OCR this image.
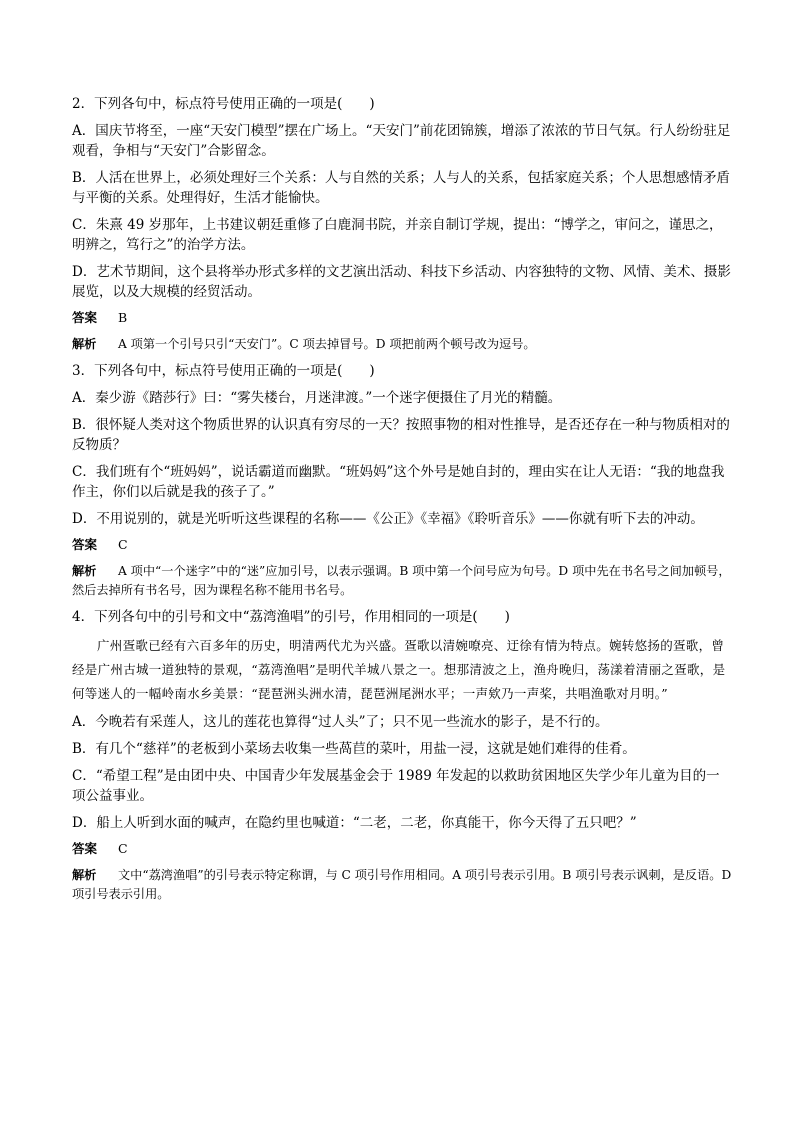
2．下列各句中，标点符号使用正确的一项是(　　)
A．国庆节将至，一座“天安门模型”摆在广场上。“天安门”前花团锦簇，增添了浓浓的节日气氛。行人纷纷驻足观看，争相与“天安门”合影留念。
B．人活在世界上，必须处理好三个关系：人与自然的关系；人与人的关系，包括家庭关系；个人思想感情矛盾与平衡的关系。处理得好，生活才能愉快。
C．朱熹 49 岁那年，上书建议朝廷重修了白鹿洞书院，并亲自制订学规，提出：“博学之，审问之，谨思之，明辨之，笃行之”的治学方法。
D．艺术节期间，这个县将举办形式多样的文艺演出活动、科技下乡活动、内容独特的文物、风情、美术、摄影展览，以及大规模的经贸活动。
答案 B
解析 A 项第一个引号只引“天安门”。C 项去掉冒号。D 项把前两个顿号改为逗号。
3．下列各句中，标点符号使用正确的一项是(　　)
A．秦少游《踏莎行》曰：“雾失楼台，月迷津渡。”一个迷字便摄住了月光的精髓。
B．很怀疑人类对这个物质世界的认识真有穷尽的一天？按照事物的相对性推导，是否还存在一种与物质相对的反物质？
C．我们班有个“班妈妈”，说话霸道而幽默。“班妈妈”这个外号是她自封的，理由实在让人无语：“我的地盘我作主，你们以后就是我的孩子了。”
D．不用说别的，就是光听听这些课程的名称——《公正》《幸福》《聆听音乐》——你就有听下去的冲动。
答案 C
解析 A 项中“一个迷字”中的“迷”应加引号，以表示强调。B 项中第一个问号应为句号。D 项中先在书名号之间加顿号，然后去掉所有书名号，因为课程名称不能用书名号。
4．下列各句中的引号和文中“荔湾渔唱”的引号，作用相同的一项是(　　)
广州疍歌已经有六百多年的历史，明清两代尤为兴盛。疍歌以清婉嘹亮、迂徐有情为特点。婉转悠扬的疍歌，曾经是广州古城一道独特的景观，“荔湾渔唱”是明代羊城八景之一。想那清波之上，渔舟晚归，荡漾着清丽之疍歌，是何等迷人的一幅岭南水乡美景：“琵琶洲头洲水清，琵琶洲尾洲水平；一声欸乃一声桨，共唱渔歌对月明。”
A．今晚若有采莲人，这儿的莲花也算得“过人头”了；只不见一些流水的影子，是不行的。
B．有几个“慈祥”的老板到小菜场去收集一些萵苣的菜叶，用盐一浸，这就是她们难得的佳肴。
C．“希望工程”是由团中央、中国青少年发展基金会于 1989 年发起的以救助贫困地区失学少年儿童为目的一项公益事业。
D．船上人听到水面的喊声，在隐约里也喊道：“二老，二老，你真能干，你今天得了五只吧？”
答案 C
解析 文中“荔湾渔唱”的引号表示特定称谓，与 C 项引号作用相同。A 项引号表示引用。B 项引号表示讽刺，是反语。D 项引号表示引用。
